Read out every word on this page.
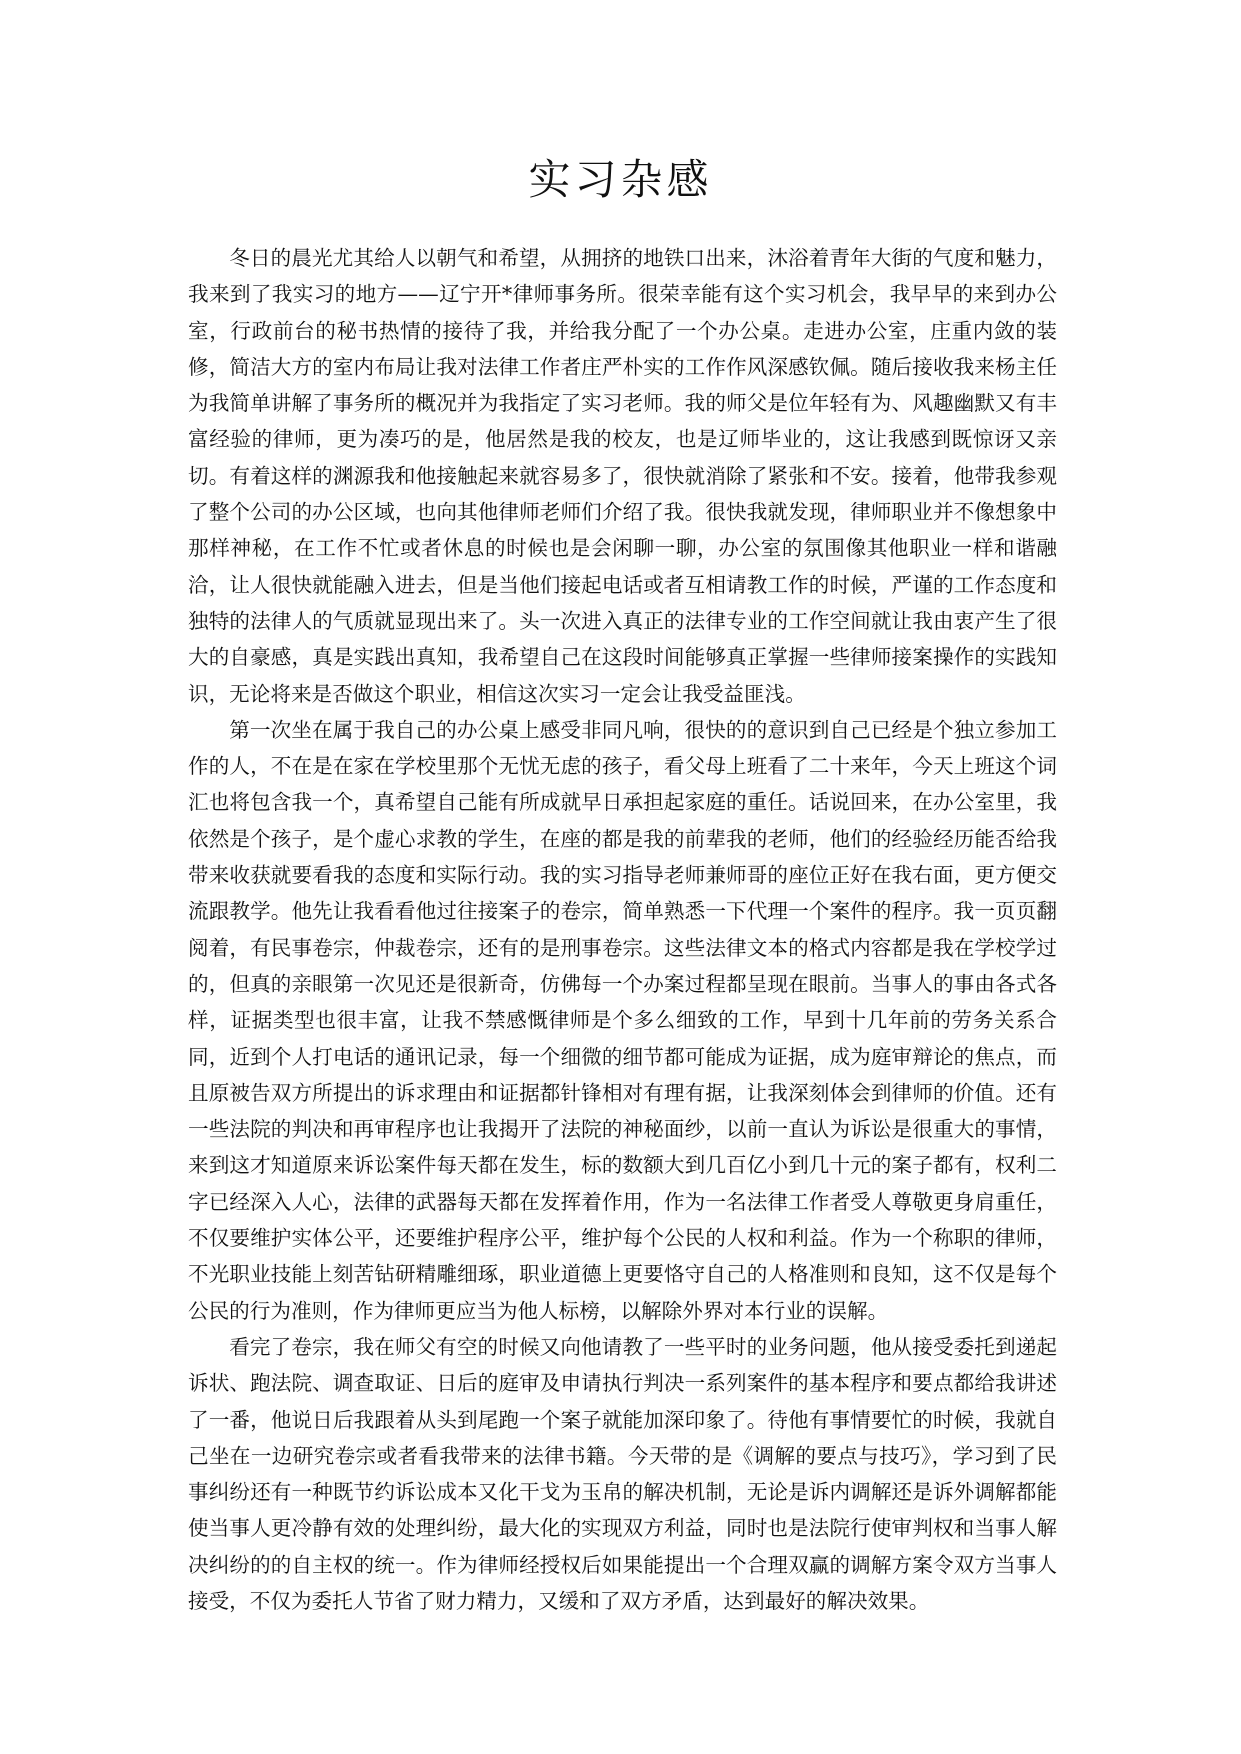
实习杂感

冬日的晨光尤其给人以朝气和希望，从拥挤的地铁口出来，沐浴着青年大街的气度和魅力，我来到了我实习的地方——辽宁开*律师事务所。很荣幸能有这个实习机会，我早早的来到办公室，行政前台的秘书热情的接待了我，并给我分配了一个办公桌。走进办公室，庄重内敛的装修，简洁大方的室内布局让我对法律工作者庄严朴实的工作作风深感钦佩。随后接收我来杨主任为我简单讲解了事务所的概况并为我指定了实习老师。我的师父是位年轻有为、风趣幽默又有丰富经验的律师，更为凑巧的是，他居然是我的校友，也是辽师毕业的，这让我感到既惊讶又亲切。有着这样的渊源我和他接触起来就容易多了，很快就消除了紧张和不安。接着，他带我参观了整个公司的办公区域，也向其他律师老师们介绍了我。很快我就发现，律师职业并不像想象中那样神秘，在工作不忙或者休息的时候也是会闲聊一聊，办公室的氛围像其他职业一样和谐融洽，让人很快就能融入进去，但是当他们接起电话或者互相请教工作的时候，严谨的工作态度和独特的法律人的气质就显现出来了。头一次进入真正的法律专业的工作空间就让我由衷产生了很大的自豪感，真是实践出真知，我希望自己在这段时间能够真正掌握一些律师接案操作的实践知识，无论将来是否做这个职业，相信这次实习一定会让我受益匪浅。

第一次坐在属于我自己的办公桌上感受非同凡响，很快的的意识到自己已经是个独立参加工作的人，不在是在家在学校里那个无忧无虑的孩子，看父母上班看了二十来年，今天上班这个词汇也将包含我一个，真希望自己能有所成就早日承担起家庭的重任。话说回来，在办公室里，我依然是个孩子，是个虚心求教的学生，在座的都是我的前辈我的老师，他们的经验经历能否给我带来收获就要看我的态度和实际行动。我的实习指导老师兼师哥的座位正好在我右面，更方便交流跟教学。他先让我看看他过往接案子的卷宗，简单熟悉一下代理一个案件的程序。我一页页翻阅着，有民事卷宗，仲裁卷宗，还有的是刑事卷宗。这些法律文本的格式内容都是我在学校学过的，但真的亲眼第一次见还是很新奇，仿佛每一个办案过程都呈现在眼前。当事人的事由各式各样，证据类型也很丰富，让我不禁感慨律师是个多么细致的工作，早到十几年前的劳务关系合同，近到个人打电话的通讯记录，每一个细微的细节都可能成为证据，成为庭审辩论的焦点，而且原被告双方所提出的诉求理由和证据都针锋相对有理有据，让我深刻体会到律师的价值。还有一些法院的判决和再审程序也让我揭开了法院的神秘面纱，以前一直认为诉讼是很重大的事情，来到这才知道原来诉讼案件每天都在发生，标的数额大到几百亿小到几十元的案子都有，权利二字已经深入人心，法律的武器每天都在发挥着作用，作为一名法律工作者受人尊敬更身肩重任，不仅要维护实体公平，还要维护程序公平，维护每个公民的人权和利益。作为一个称职的律师，不光职业技能上刻苦钻研精雕细琢，职业道德上更要恪守自己的人格准则和良知，这不仅是每个公民的行为准则，作为律师更应当为他人标榜，以解除外界对本行业的误解。

看完了卷宗，我在师父有空的时候又向他请教了一些平时的业务问题，他从接受委托到递起诉状、跑法院、调查取证、日后的庭审及申请执行判决一系列案件的基本程序和要点都给我讲述了一番，他说日后我跟着从头到尾跑一个案子就能加深印象了。待他有事情要忙的时候，我就自己坐在一边研究卷宗或者看我带来的法律书籍。今天带的是《调解的要点与技巧》，学习到了民事纠纷还有一种既节约诉讼成本又化干戈为玉帛的解决机制，无论是诉内调解还是诉外调解都能使当事人更冷静有效的处理纠纷，最大化的实现双方利益，同时也是法院行使审判权和当事人解决纠纷的的自主权的统一。作为律师经授权后如果能提出一个合理双赢的调解方案令双方当事人接受，不仅为委托人节省了财力精力，又缓和了双方矛盾，达到最好的解决效果。
